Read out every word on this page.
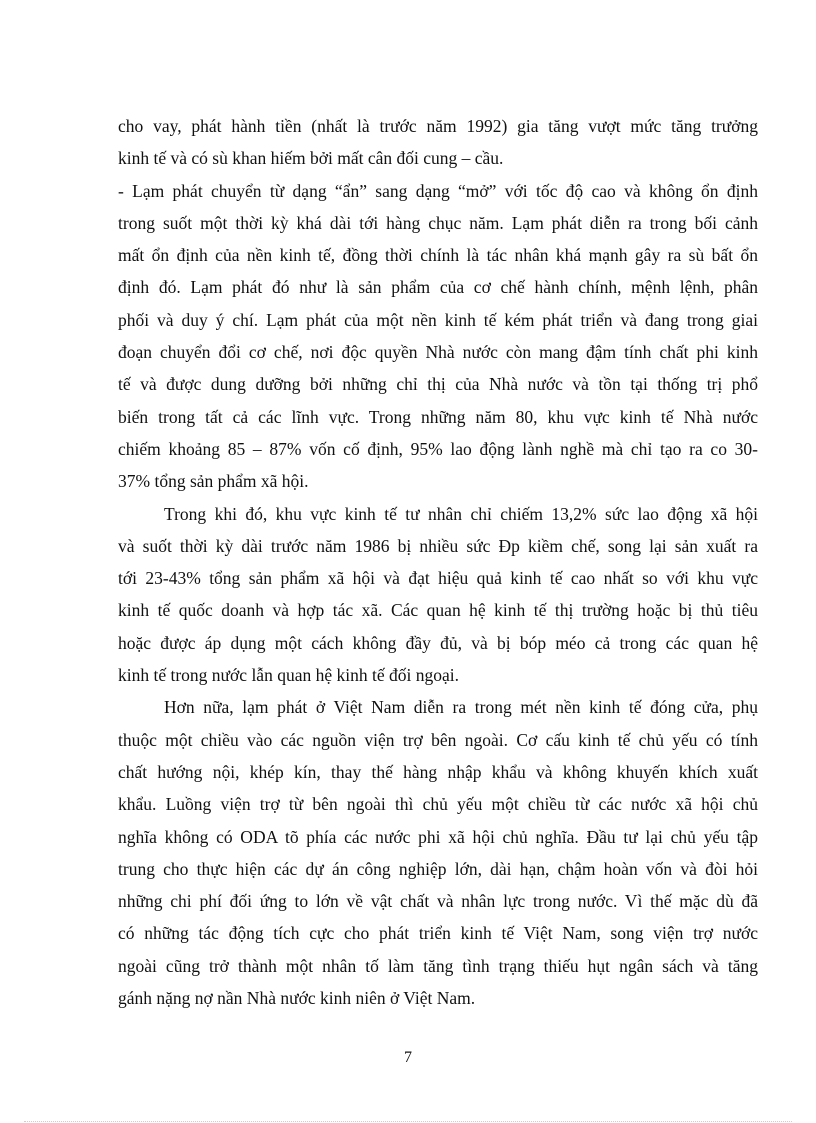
cho vay, phát hành tiền (nhất là trước năm 1992) gia tăng vượt mức tăng trưởng
kinh tế và có sù khan hiếm bởi mất cân đối cung – cầu.
- Lạm phát chuyển từ dạng “ẩn” sang dạng “mở” với tốc độ cao và không ổn định
trong suốt một thời kỳ khá dài tới hàng chục năm. Lạm phát diễn ra trong bối cảnh
mất ổn định của nền kinh tế, đồng thời chính là tác nhân khá mạnh gây ra sù bất ổn
định đó. Lạm phát đó như là sản phẩm của cơ chế hành chính, mệnh lệnh, phân
phối và duy ý chí. Lạm phát của một nền kinh tế kém phát triển và đang trong giai
đoạn chuyển đổi cơ chế, nơi độc quyền Nhà nước còn mang đậm tính chất phi kinh
tế và được dung dưỡng bởi những chỉ thị của Nhà nước và tồn tại thống trị phổ
biến trong tất cả các lĩnh vực. Trong những năm 80, khu vực kinh tế Nhà nước
chiếm khoảng 85 – 87% vốn cố định, 95% lao động lành nghề mà chỉ tạo ra co 30-
37% tổng sản phẩm xã hội.
Trong khi đó, khu vực kinh tế tư nhân chỉ chiếm 13,2% sức lao động xã hội
và suốt thời kỳ dài trước năm 1986 bị nhiều sức Ðp kiềm chế, song lại sản xuất ra
tới 23-43% tổng sản phẩm xã hội và đạt hiệu quả kinh tế cao nhất so với khu vực
kinh tế quốc doanh và hợp tác xã. Các quan hệ kinh tế thị trường hoặc bị thủ tiêu
hoặc được áp dụng một cách không đầy đủ, và bị bóp méo cả trong các quan hệ
kinh tế trong nước lẫn quan hệ kinh tế đối ngoại.
Hơn nữa, lạm phát ở Việt Nam diễn ra trong mét nền kinh tế đóng cửa, phụ
thuộc một chiều vào các nguồn viện trợ bên ngoài. Cơ cấu kinh tế chủ yếu có tính
chất hướng nội, khép kín, thay thế hàng nhập khẩu và không khuyến khích xuất
khẩu. Luồng viện trợ từ bên ngoài thì chủ yếu một chiều từ các nước xã hội chủ
nghĩa không có ODA tõ phía các nước phi xã hội chủ nghĩa. Đầu tư lại chủ yếu tập
trung cho thực hiện các dự án công nghiệp lớn, dài hạn, chậm hoàn vốn và đòi hỏi
những chi phí đối ứng to lớn về vật chất và nhân lực trong nước. Vì thế mặc dù đã
có những tác động tích cực cho phát triển kinh tế Việt Nam, song viện trợ nước
ngoài cũng trở thành một nhân tố làm tăng tình trạng thiếu hụt ngân sách và tăng
gánh nặng nợ nần Nhà nước kinh niên ở Việt Nam.
7
